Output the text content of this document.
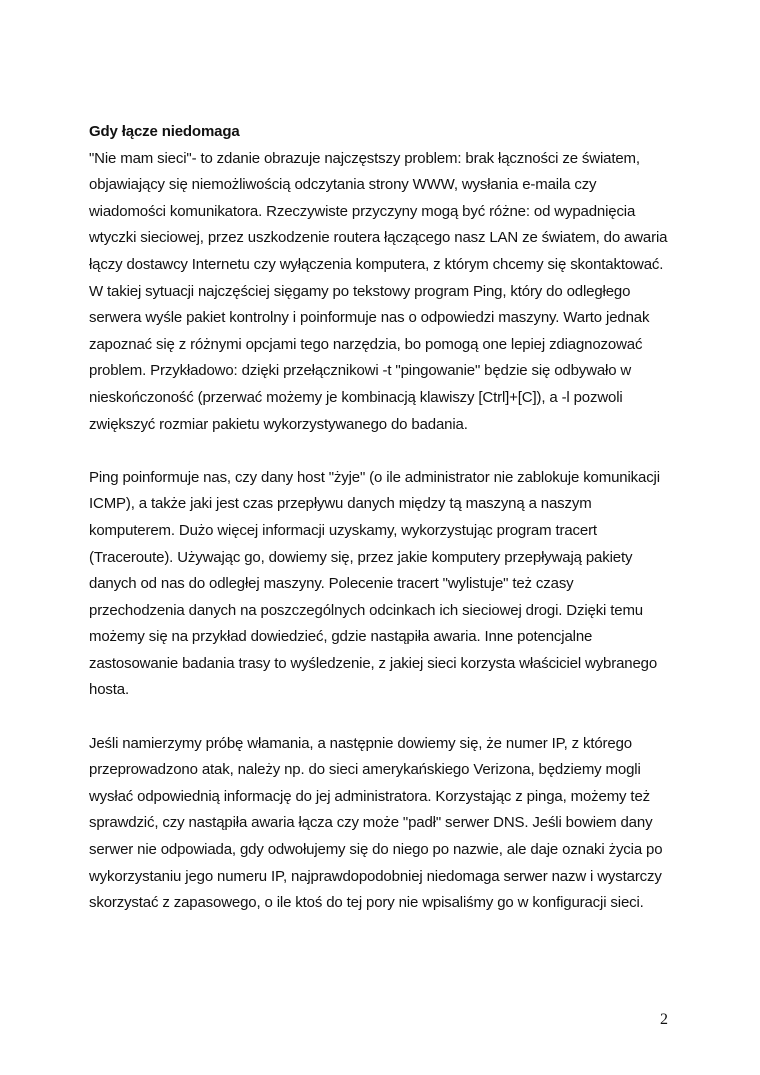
Gdy łącze niedomaga

"Nie mam sieci"- to zdanie obrazuje najczęstszy problem: brak łączności ze światem,
objawiający się niemożliwością odczytania strony WWW, wysłania e-maila czy
wiadomości komunikatora. Rzeczywiste przyczyny mogą być różne: od wypadnięcia
wtyczki sieciowej, przez uszkodzenie routera łączącego nasz LAN ze światem, do awaria
łączy dostawcy Internetu czy wyłączenia komputera, z którym chcemy się skontaktować.
W takiej sytuacji najczęściej sięgamy po tekstowy program Ping, który do odległego
serwera wyśle pakiet kontrolny i poinformuje nas o odpowiedzi maszyny. Warto jednak
zapoznać się z różnymi opcjami tego narzędzia, bo pomogą one lepiej zdiagnozować
problem. Przykładowo: dzięki przełącznikowi -t "pingowanie" będzie się odbywało w
nieskończoność (przerwać możemy je kombinacją klawiszy [Ctrl]+[C]), a -l pozwoli
zwiększyć rozmiar pakietu wykorzystywanego do badania.

Ping poinformuje nas, czy dany host "żyje" (o ile administrator nie zablokuje komunikacji
ICMP), a także jaki jest czas przepływu danych między tą maszyną a naszym
komputerem. Dużo więcej informacji uzyskamy, wykorzystując program tracert
(Traceroute). Używając go, dowiemy się, przez jakie komputery przepływają pakiety
danych od nas do odległej maszyny. Polecenie tracert "wylistuje" też czasy
przechodzenia danych na poszczególnych odcinkach ich sieciowej drogi. Dzięki temu
możemy się na przykład dowiedzieć, gdzie nastąpiła awaria. Inne potencjalne
zastosowanie badania trasy to wyśledzenie, z jakiej sieci korzysta właściciel wybranego
hosta.

Jeśli namierzymy próbę włamania, a następnie dowiemy się, że numer IP, z którego
przeprowadzono atak, należy np. do sieci amerykańskiego Verizona, będziemy mogli
wysłać odpowiednią informację do jej administratora. Korzystając z pinga, możemy też
sprawdzić, czy nastąpiła awaria łącza czy może "padł" serwer DNS. Jeśli bowiem dany
serwer nie odpowiada, gdy odwołujemy się do niego po nazwie, ale daje oznaki życia po
wykorzystaniu jego numeru IP, najprawdopodobniej niedomaga serwer nazw i wystarczy
skorzystać z zapasowego, o ile ktoś do tej pory nie wpisaliśmy go w konfiguracji sieci.

2
